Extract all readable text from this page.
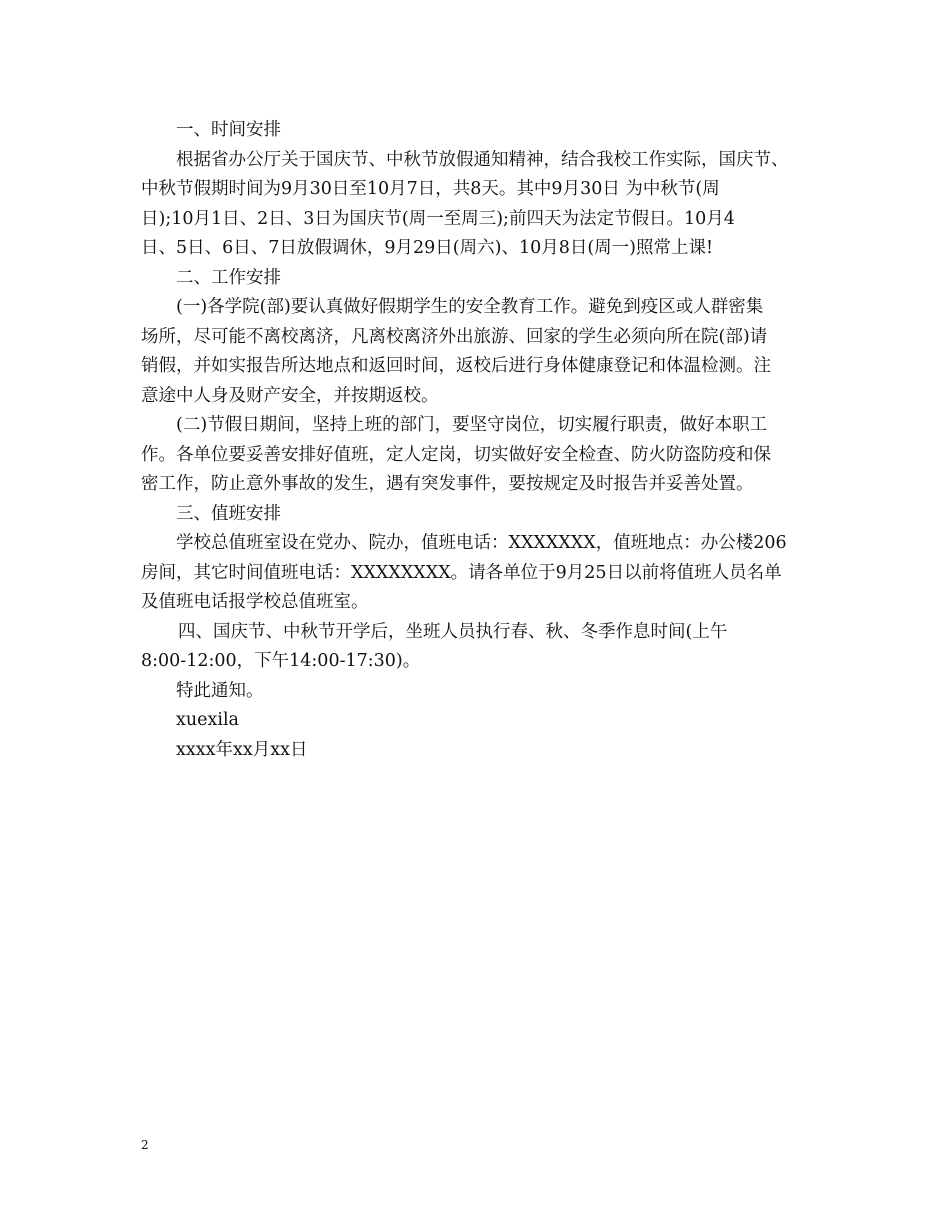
一、时间安排
根据省办公厅关于国庆节、中秋节放假通知精神，结合我校工作实际，国庆节、
中秋节假期时间为9月30日至10月7日，共8天。其中9月30日 为中秋节(周
日);10月1日、2日、3日为国庆节(周一至周三);前四天为法定节假日。10月4
日、5日、6日、7日放假调休，9月29日(周六)、10月8日(周一)照常上课!
二、工作安排
(一)各学院(部)要认真做好假期学生的安全教育工作。避免到疫区或人群密集
场所，尽可能不离校离济，凡离校离济外出旅游、回家的学生必须向所在院(部)请
销假，并如实报告所达地点和返回时间，返校后进行身体健康登记和体温检测。注
意途中人身及财产安全，并按期返校。
(二)节假日期间，坚持上班的部门，要坚守岗位，切实履行职责，做好本职工
作。各单位要妥善安排好值班，定人定岗，切实做好安全检查、防火防盗防疫和保
密工作，防止意外事故的发生，遇有突发事件，要按规定及时报告并妥善处置。
三、值班安排
学校总值班室设在党办、院办，值班电话：XXXXXXX，值班地点：办公楼206
房间，其它时间值班电话：XXXXXXXX。请各单位于9月25日以前将值班人员名单
及值班电话报学校总值班室。
四、国庆节、中秋节开学后，坐班人员执行春、秋、冬季作息时间(上午
8:00-12:00，下午14:00-17:30)。
特此通知。
xuexila
xxxx年xx月xx日
2
